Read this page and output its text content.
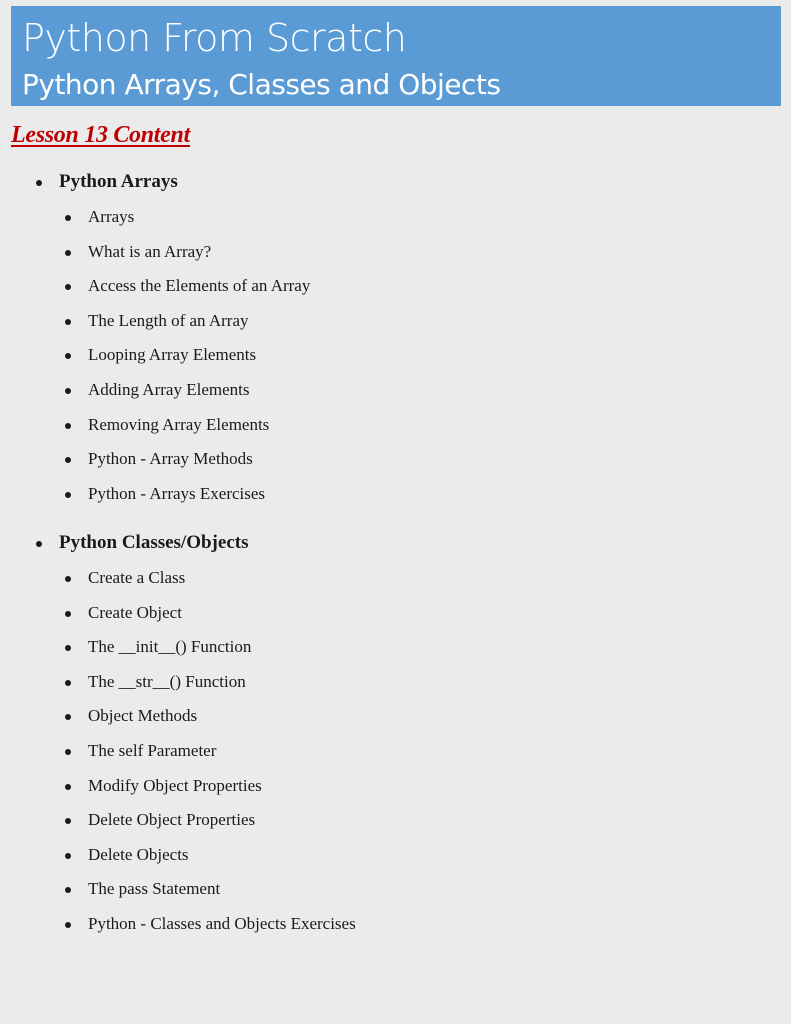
Python From Scratch
Python Arrays, Classes and Objects
Lesson 13 Content
Python Arrays
Arrays
What is an Array?
Access the Elements of an Array
The Length of an Array
Looping Array Elements
Adding Array Elements
Removing Array Elements
Python - Array Methods
Python - Arrays Exercises
Python Classes/Objects
Create a Class
Create Object
The __init__() Function
The __str__() Function
Object Methods
The self Parameter
Modify Object Properties
Delete Object Properties
Delete Objects
The pass Statement
Python - Classes and Objects Exercises
